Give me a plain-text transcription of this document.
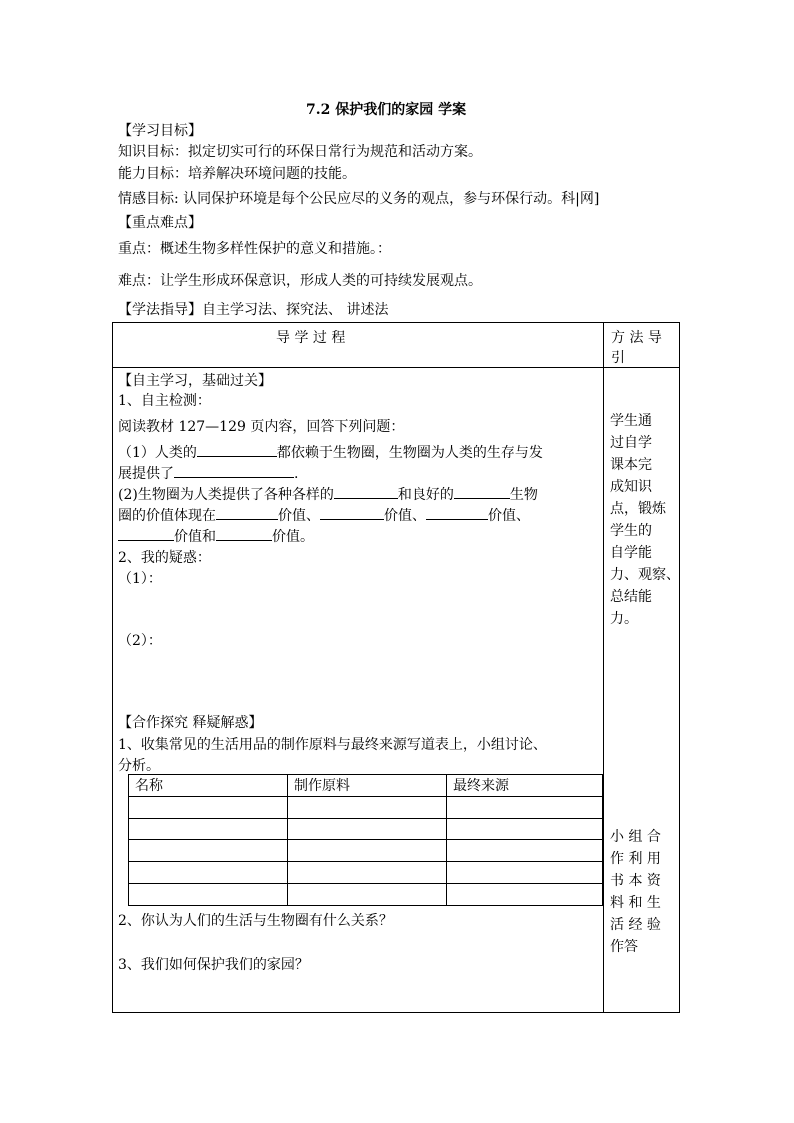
7.2 保护我们的家园 学案
【学习目标】
知识目标：拟定切实可行的环保日常行为规范和活动方案。
能力目标：培养解决环境问题的技能。
情感目标: 认同保护环境是每个公民应尽的义务的观点，参与环保行动。科|网]
【重点难点】
重点：概述生物多样性保护的意义和措施。：
难点：让学生形成环保意识，形成人类的可持续发展观点。
【学法指导】自主学习法、探究法、 讲述法
导 学 过 程	方 法 导
引
【自主学习，基础过关】
1、自主检测：
阅读教材 127—129 页内容，回答下列问题：
（1）人类的	都依赖于生物圈，生物圈为人类的生存与发
展提供了	.
(2)生物圈为人类提供了各种各样的	和良好的	生物
圈的价值体现在	价值、	价值、	价值、
价值和	价值。
2、我的疑惑：
（1）：
（2）：
【合作探究 释疑解惑】
1、收集常见的生活用品的制作原料与最终来源写道表上，小组讨论、
分析。
名称	制作原料	最终来源

2、你认为人们的生活与生物圈有什么关系？
3、我们如何保护我们的家园？
学生通
过自学
课本完
成知识
点，锻炼
学生的
自学能
力、观察、
总结能
力。
小 组 合
作 利 用
书 本 资
料 和 生
活 经 验
作答
